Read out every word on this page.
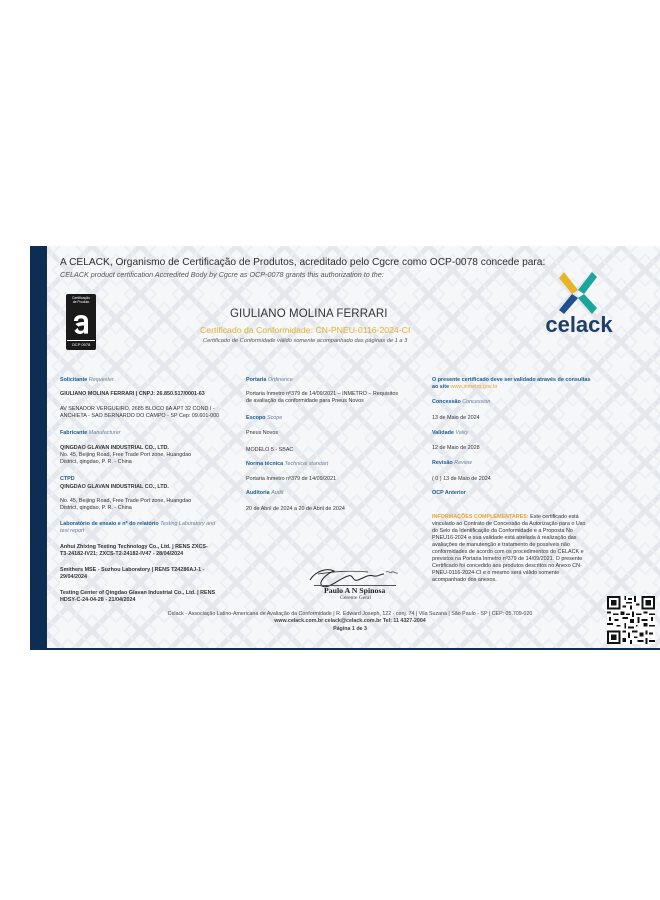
A CELACK, Organismo de Certificação de Produtos, acreditado pelo Cgcre como OCP-0078 concede para:
CELACK product certification Accredited Body by Cgcre as OCP-0078 grants this authorization to the:
Certificação
de Produto
OCP 0078
celack
GIULIANO MOLINA FERRARI
Certificado da Conformidade: CN-PNEU-0116-2024-CI
Certificado de Conformidade válido somente acompanhado das páginas de 1 a 3
Solicitante Requester
GIULIANO MOLINA FERRARI | CNPJ: 26.850.517/0001-63
AV SENADOR VERGUEIRO, 2685 BLOCO 6A APT 32 COND I -
ANCHIETA - SAO BERNARDO DO CAMPO - SP Cep: 09.601-000
Fabricante Manufacturer
QINGDAO GLAVAN INDUSTRIAL CO., LTD.
No. 45, Beijing Road, Free Trade Port zone, Huangdao
District, qingdao, P. R. - China
CTPD
QINGDAO GLAVAN INDUSTRIAL CO., LTD.
No. 45, Beijing Road, Free Trade Port zone, Huangdao
District, qingdao, P. R. - China
Laboratório de ensaio e nº do relatório Testing Laboratory and
test report
Anhui Zhixing Testing Technology Co., Ltd. | RENS ZXCS-
T3-24182-IV21; ZXCS-T2-24182-IV47 - 28/04/2024
Smithers MSE - Suzhou Laboratory | RENS T24286AJ-1 -
29/04/2024
Testing Center of Qingdao Glavan Industrial Co., Ltd. | RENS
HDSY-C-24-04-28 - 21/04/2024
Portaria Ordinance
Portaria Inmetro nº379 de 14/09/2021 – INMETRO – Requisitos
de avaliação da conformidade para Pneus Novos
Escopo Scope
Pneus Novos
MODELO 5 - SBAC
Norma técnica Technical standart
Portaria Inmetro nº379 de 14/09/2021
Auditoria Audit
20 de Abril de 2024 a 20 de Abril de 2024
O presente certificado deve ser validado através de consultas
ao site www.inmetro.gov.br
Concessão Concession
13 de Maio de 2024
Validade Vality
12 de Maio de 2028
Revisão Review
( 0 ) 13 de Maio de 2024
OCP Anterior
INFORMAÇÕES COMPLEMENTARES: Este certificado está
vinculado ao Contrato de Concessão da Autorização para o Uso
do Selo da Identificação da Conformidade e a Proposta No
PNEU16-2024 e sua validade está atrelada à realização das
avaliações de manutenção e tratamento de possíveis não
conformidades de acordo com os procedimentos do CELACK e
previstos na Portaria Inmetro nº379 de 14/09/2021. O presente
Certificado foi concedido aos produtos descritos no Anexo CN-
PNEU-0116-2024-CI e o mesmo será válido somente
acompanhado dos anexos.
Paulo A N Spinosa
Gerente Geral
Celack - Associação Latino-Americana de Avaliação da Conformidade | R. Edward Joseph, 122 - conj. 74 | Vila Suzana | São Paulo - SP | CEP: 05.709-020
www.celack.com.br celack@celack.com.br Tel: 11 4327-2004
Página 1 de 3
